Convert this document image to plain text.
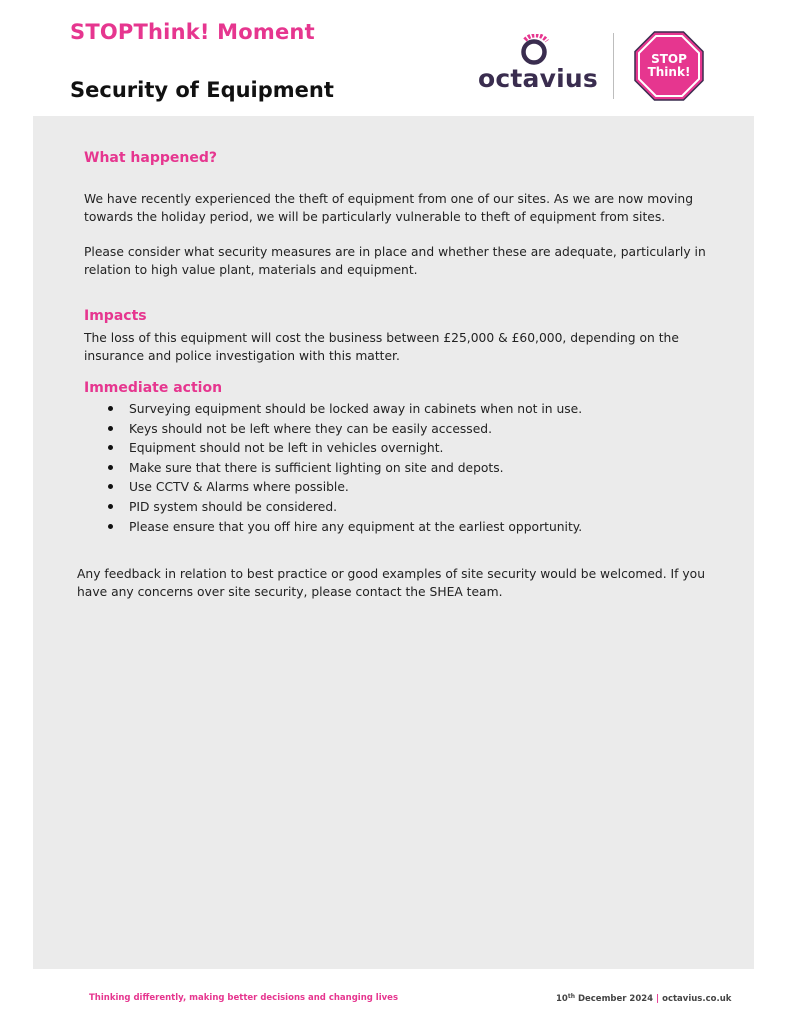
STOPThink! Moment
Security of Equipment	octavius
STOP
Think!
What happened?
We have recently experienced the theft of equipment from one of our sites. As we are now moving towards the holiday period, we will be particularly vulnerable to theft of equipment from sites.
Please consider what security measures are in place and whether these are adequate, particularly in relation to high value plant, materials and equipment.
Impacts
The loss of this equipment will cost the business between £25,000 & £60,000, depending on the insurance and police investigation with this matter.
Immediate action
Surveying equipment should be locked away in cabinets when not in use.
Keys should not be left where they can be easily accessed.
Equipment should not be left in vehicles overnight.
Make sure that there is sufficient lighting on site and depots.
Use CCTV & Alarms where possible.
PID system should be considered.
Please ensure that you off hire any equipment at the earliest opportunity.
Any feedback in relation to best practice or good examples of site security would be welcomed. If you have any concerns over site security, please contact the SHEA team.
Thinking differently, making better decisions and changing lives	10th December 2024 | octavius.co.uk
